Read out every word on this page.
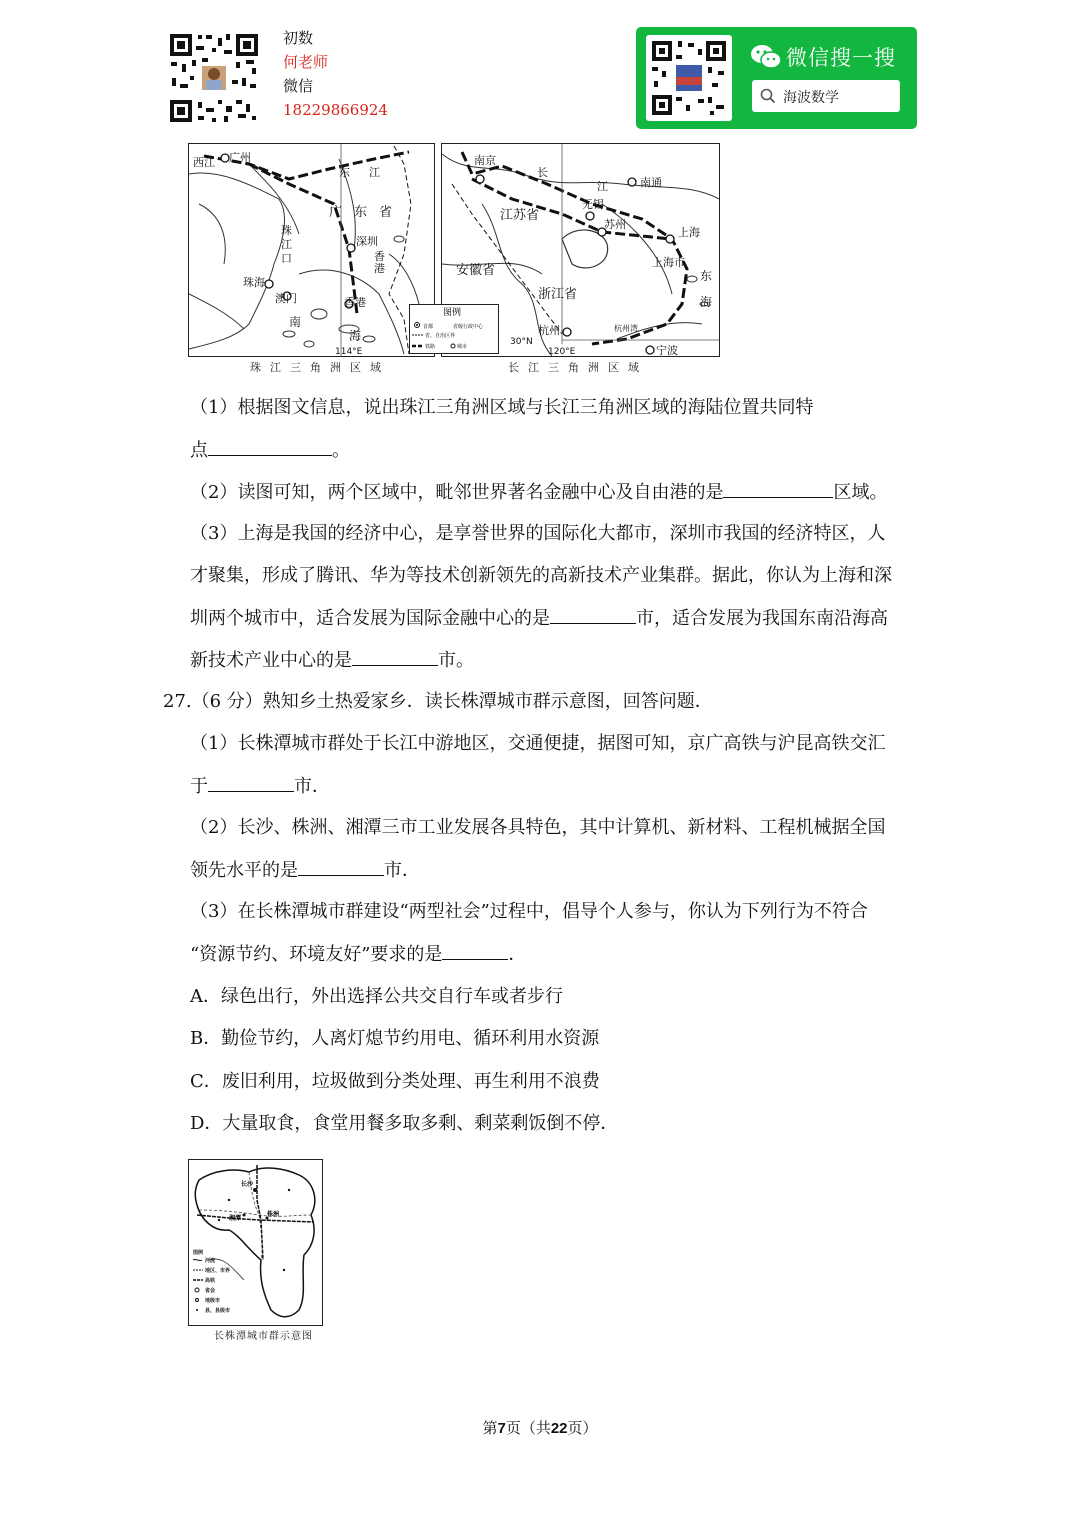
初数
何老师
微信
18229866924
微信搜一搜
海波数学
西江 广州
东 江
广 东 省
珠
江
口
深圳
香
港
珠海
澳门	香港
南
海
114°E
珠江三角洲区域
南京
长
江	南通
江苏省
无锡
苏州
上海
上海市
安徽省
浙江省
东
海
杭州	杭州湾
宁波
30°N
120°E
图例
首都	省级行政中心
省、自治区界
铁路	城市
长江三角洲区域
（1）根据图文信息，说出珠江三角洲区域与长江三角洲区域的海陆位置共同特
点	。
（2）读图可知，两个区域中，毗邻世界著名金融中心及自由港的是	区域。
（3）上海是我国的经济中心，是享誉世界的国际化大都市，深圳市我国的经济特区，人
才聚集，形成了腾讯、华为等技术创新领先的高新技术产业集群。据此，你认为上海和深
圳两个城市中，适合发展为国际金融中心的是	市，适合发展为我国东南沿海高
新技术产业中心的是	市。
27.（6 分）熟知乡土热爱家乡．读长株潭城市群示意图，回答问题．
（1）长株潭城市群处于长江中游地区，交通便捷，据图可知，京广高铁与沪昆高铁交汇
于	市．
（2）长沙、株洲、湘潭三市工业发展各具特色，其中计算机、新材料、工程机械据全国
领先水平的是	市．
（3）在长株潭城市群建设“两型社会”过程中，倡导个人参与，你认为下列行为不符合
“资源节约、环境友好”要求的是	．
A．绿色出行，外出选择公共交自行车或者步行
B．勤俭节约，人离灯熄节约用电、循环利用水资源
C．废旧利用，垃圾做到分类处理、再生利用不浪费
D．大量取食，食堂用餐多取多剩、剩菜剩饭倒不停．
长沙
湘潭
株洲
图例
河流
地区、市界
高铁
省会
地级市
县、县级市
长株潭城市群示意图
第7页（共22页）
